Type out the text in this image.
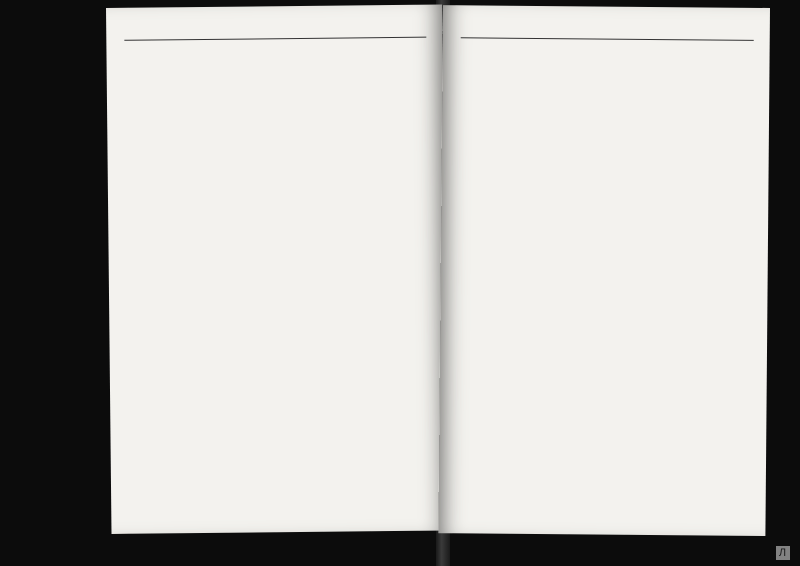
Л
